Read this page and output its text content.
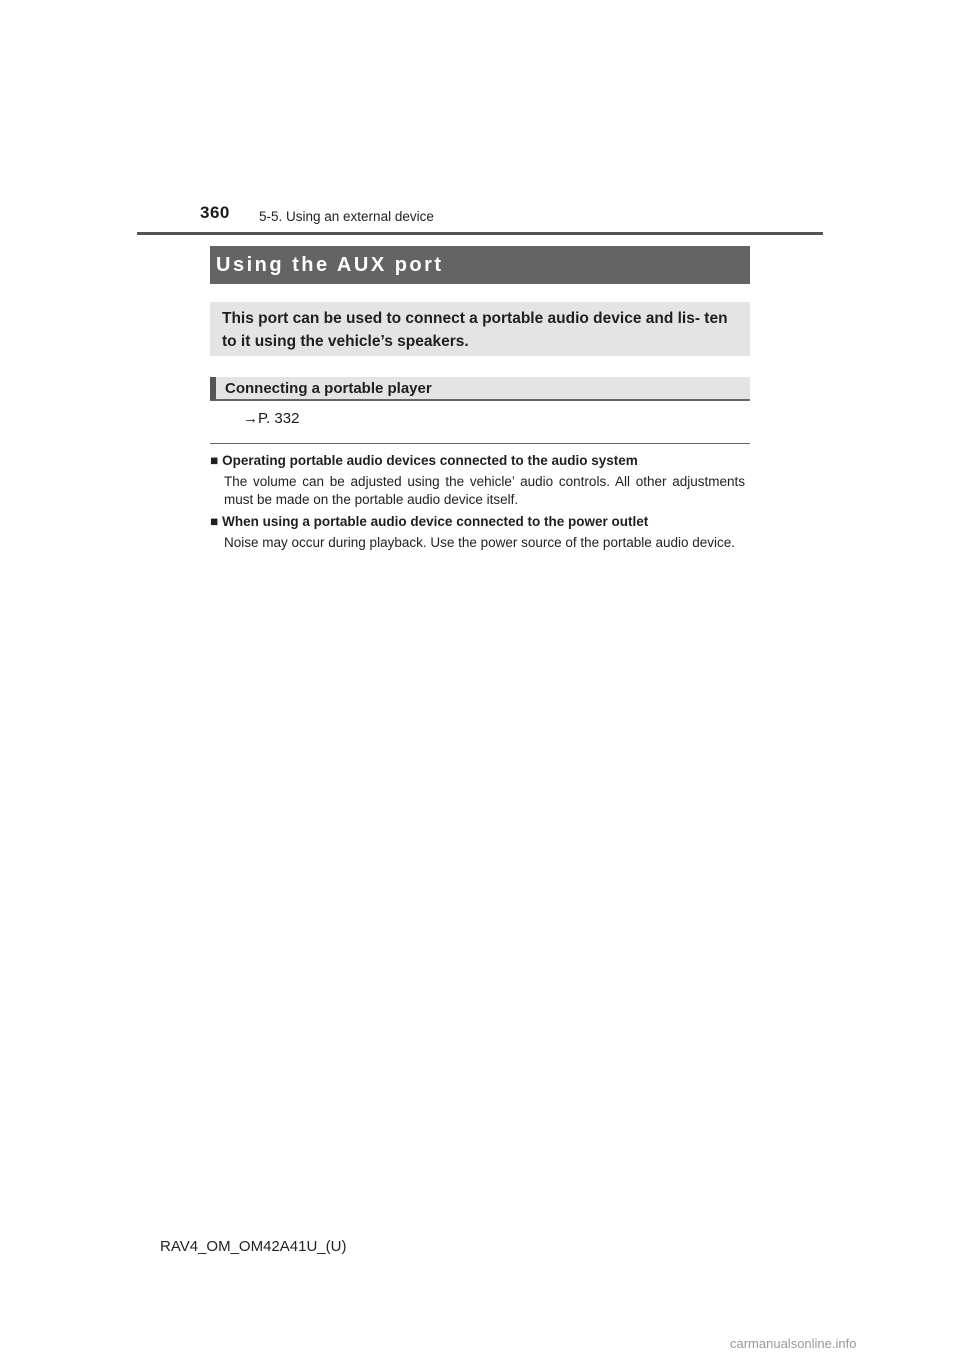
360 5-5. Using an external device
Using the AUX port
This port can be used to connect a portable audio device and lis- ten to it using the vehicle’s speakers.
Connecting a portable player
→P. 332
■ Operating portable audio devices connected to the audio system
The volume can be adjusted using the vehicle’ audio controls. All other adjustments must be made on the portable audio device itself.
■ When using a portable audio device connected to the power outlet
Noise may occur during playback. Use the power source of the portable audio device.
RAV4_OM_OM42A41U_(U)
carmanualsonline.info
